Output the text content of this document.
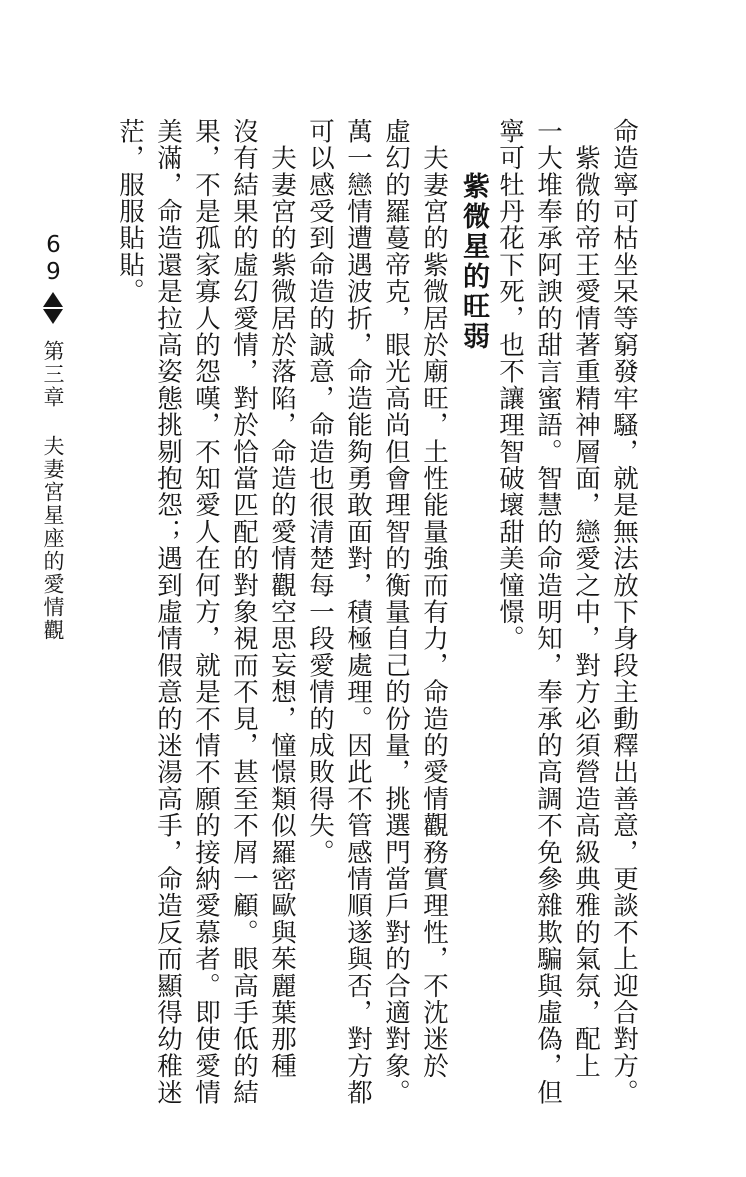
命造寧可枯坐呆等窮發牢騷，就是無法放下身段主動釋出善意，更談不上迎合對方。
　紫微的帝王愛情著重精神層面，戀愛之中，對方必須營造高級典雅的氣氛，配上
一大堆奉承阿諛的甜言蜜語。智慧的命造明知，奉承的高調不免參雜欺騙與虛偽，但
寧可牡丹花下死，也不讓理智破壞甜美憧憬。
紫微星的旺弱
　夫妻宮的紫微居於廟旺，土性能量強而有力，命造的愛情觀務實理性，不沈迷於
虛幻的羅蔓帝克，眼光高尚但會理智的衡量自己的份量，挑選門當戶對的合適對象。
萬一戀情遭遇波折，命造能夠勇敢面對，積極處理。因此不管感情順遂與否，對方都
可以感受到命造的誠意，命造也很清楚每一段愛情的成敗得失。
　夫妻宮的紫微居於落陷，命造的愛情觀空思妄想，憧憬類似羅密歐與茱麗葉那種
沒有結果的虛幻愛情，對於恰當匹配的對象視而不見，甚至不屑一顧。眼高手低的結
果，不是孤家寡人的怨嘆，不知愛人在何方，就是不情不願的接納愛慕者。即使愛情
美滿，命造還是拉高姿態挑剔抱怨；遇到虛情假意的迷湯高手，命造反而顯得幼稚迷
茫，服服貼貼。
69
第三章夫妻宮星座的愛情觀
